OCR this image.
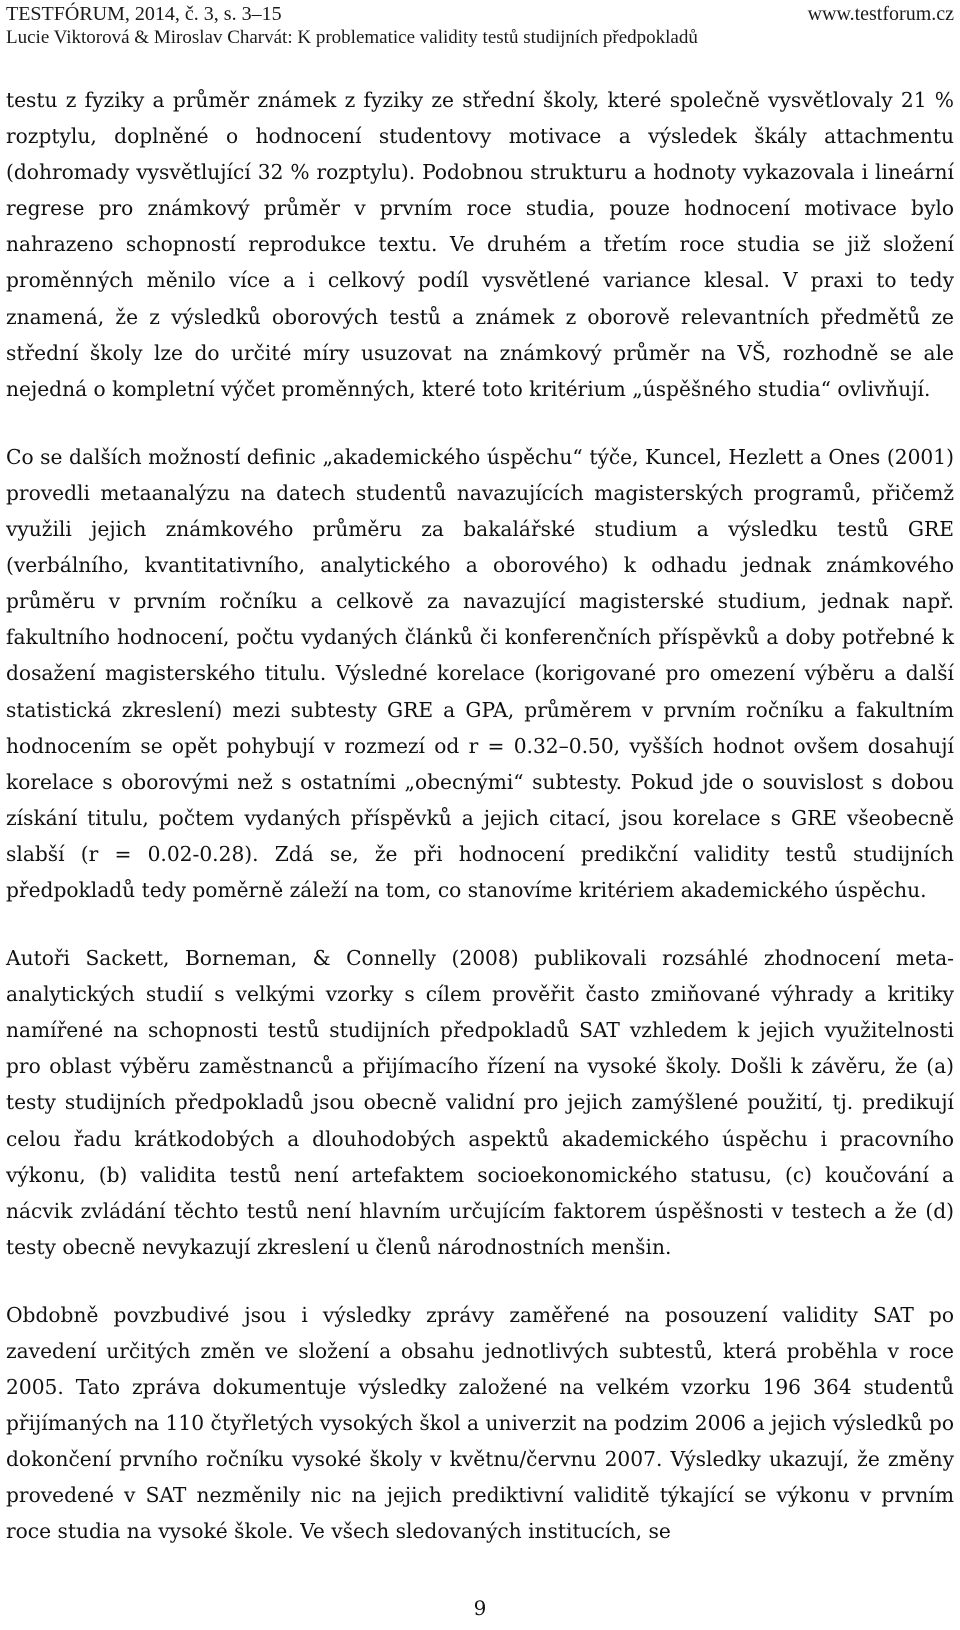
TESTFÓRUM, 2014, č. 3, s. 3–15	www.testforum.cz
Lucie Viktorová & Miroslav Charvát: K problematice validity testů studijních předpokladů

testu z fyziky a průměr známek z fyziky ze střední školy, které společně vysvětlovaly 21 % rozptylu, doplněné o hodnocení studentovy motivace a výsledek škály attachmentu (dohromady vysvětlující 32 % rozptylu). Podobnou strukturu a hodnoty vykazovala i lineární regrese pro známkový průměr v prvním roce studia, pouze hodnocení motivace bylo nahrazeno schopností reprodukce textu. Ve druhém a třetím roce studia se již složení proměnných měnilo více a i celkový podíl vysvětlené variance klesal. V praxi to tedy znamená, že z výsledků oborových testů a známek z oborově relevantních předmětů ze střední školy lze do určité míry usuzovat na známkový průměr na VŠ, rozhodně se ale nejedná o kompletní výčet proměnných, které toto kritérium „úspěšného studia“ ovlivňují.

Co se dalších možností definic „akademického úspěchu“ týče, Kuncel, Hezlett a Ones (2001) provedli metaanalýzu na datech studentů navazujících magisterských programů, přičemž využili jejich známkového průměru za bakalářské studium a výsledku testů GRE (verbálního, kvantitativního, analytického a oborového) k odhadu jednak známkového průměru v prvním ročníku a celkově za navazující magisterské studium, jednak např. fakultního hodnocení, počtu vydaných článků či konferenčních příspěvků a doby potřebné k dosažení magisterského titulu. Výsledné korelace (korigované pro omezení výběru a další statistická zkreslení) mezi subtesty GRE a GPA, průměrem v prvním ročníku a fakultním hodnocením se opět pohybují v rozmezí od r = 0.32–0.50, vyšších hodnot ovšem dosahují korelace s oborovými než s ostatními „obecnými“ subtesty. Pokud jde o souvislost s dobou získání titulu, počtem vydaných příspěvků a jejich citací, jsou korelace s GRE všeobecně slabší (r = 0.02-0.28). Zdá se, že při hodnocení predikční validity testů studijních předpokladů tedy poměrně záleží na tom, co stanovíme kritériem akademického úspěchu.

Autoři Sackett, Borneman, & Connelly (2008) publikovali rozsáhlé zhodnocení meta-analytických studií s velkými vzorky s cílem prověřit často zmiňované výhrady a kritiky namířené na schopnosti testů studijních předpokladů SAT vzhledem k jejich využitelnosti pro oblast výběru zaměstnanců a přijímacího řízení na vysoké školy. Došli k závěru, že (a) testy studijních předpokladů jsou obecně validní pro jejich zamýšlené použití, tj. predikují celou řadu krátkodobých a dlouhodobých aspektů akademického úspěchu i pracovního výkonu, (b) validita testů není artefaktem socioekonomického statusu, (c) koučování a nácvik zvládání těchto testů není hlavním určujícím faktorem úspěšnosti v testech a že (d) testy obecně nevykazují zkreslení u členů národnostních menšin.

Obdobně povzbudivé jsou i výsledky zprávy zaměřené na posouzení validity SAT po zavedení určitých změn ve složení a obsahu jednotlivých subtestů, která proběhla v roce 2005. Tato zpráva dokumentuje výsledky založené na velkém vzorku 196 364 studentů přijímaných na 110 čtyřletých vysokých škol a univerzit na podzim 2006 a jejich výsledků po dokončení prvního ročníku vysoké školy v květnu/červnu 2007. Výsledky ukazují, že změny provedené v SAT nezměnily nic na jejich prediktivní validitě týkající se výkonu v prvním roce studia na vysoké škole. Ve všech sledovaných institucích, se

9
